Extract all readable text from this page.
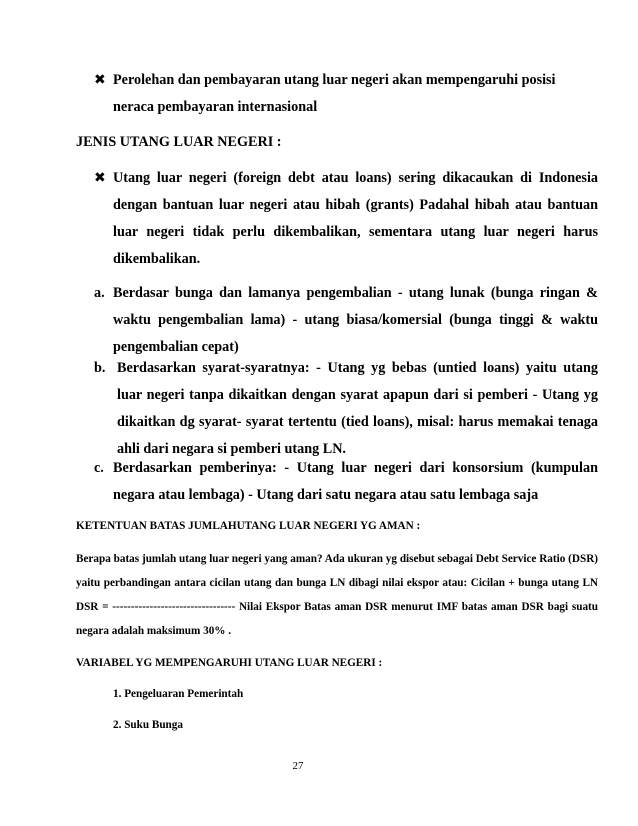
✖ Perolehan dan pembayaran utang luar negeri akan mempengaruhi posisi neraca pembayaran internasional
JENIS UTANG LUAR NEGERI :
✖ Utang luar negeri (foreign debt atau loans) sering dikacaukan di Indonesia dengan bantuan luar negeri atau hibah (grants) Padahal hibah atau bantuan luar negeri tidak perlu dikembalikan, sementara utang luar negeri harus dikembalikan.
a. Berdasar bunga dan lamanya pengembalian - utang lunak (bunga ringan & waktu pengembalian lama) - utang biasa/komersial (bunga tinggi & waktu pengembalian cepat)
b. Berdasarkan syarat-syaratnya: - Utang yg bebas (untied loans) yaitu utang luar negeri tanpa dikaitkan dengan syarat apapun dari si pemberi - Utang yg dikaitkan dg syarat- syarat tertentu (tied loans), misal: harus memakai tenaga ahli dari negara si pemberi utang LN.
c. Berdasarkan pemberinya: - Utang luar negeri dari konsorsium (kumpulan negara atau lembaga) - Utang dari satu negara atau satu lembaga saja
KETENTUAN BATAS JUMLAHUTANG LUAR NEGERI YG AMAN :
Berapa batas jumlah utang luar negeri yang aman? Ada ukuran yg disebut sebagai Debt Service Ratio (DSR) yaitu perbandingan antara cicilan utang dan bunga LN dibagi nilai ekspor atau: Cicilan + bunga utang LN DSR = --------------------------------- Nilai Ekspor Batas aman DSR menurut IMF batas aman DSR bagi suatu negara adalah maksimum 30% .
VARIABEL YG MEMPENGARUHI UTANG LUAR NEGERI :
1. Pengeluaran Pemerintah
2. Suku Bunga
27
